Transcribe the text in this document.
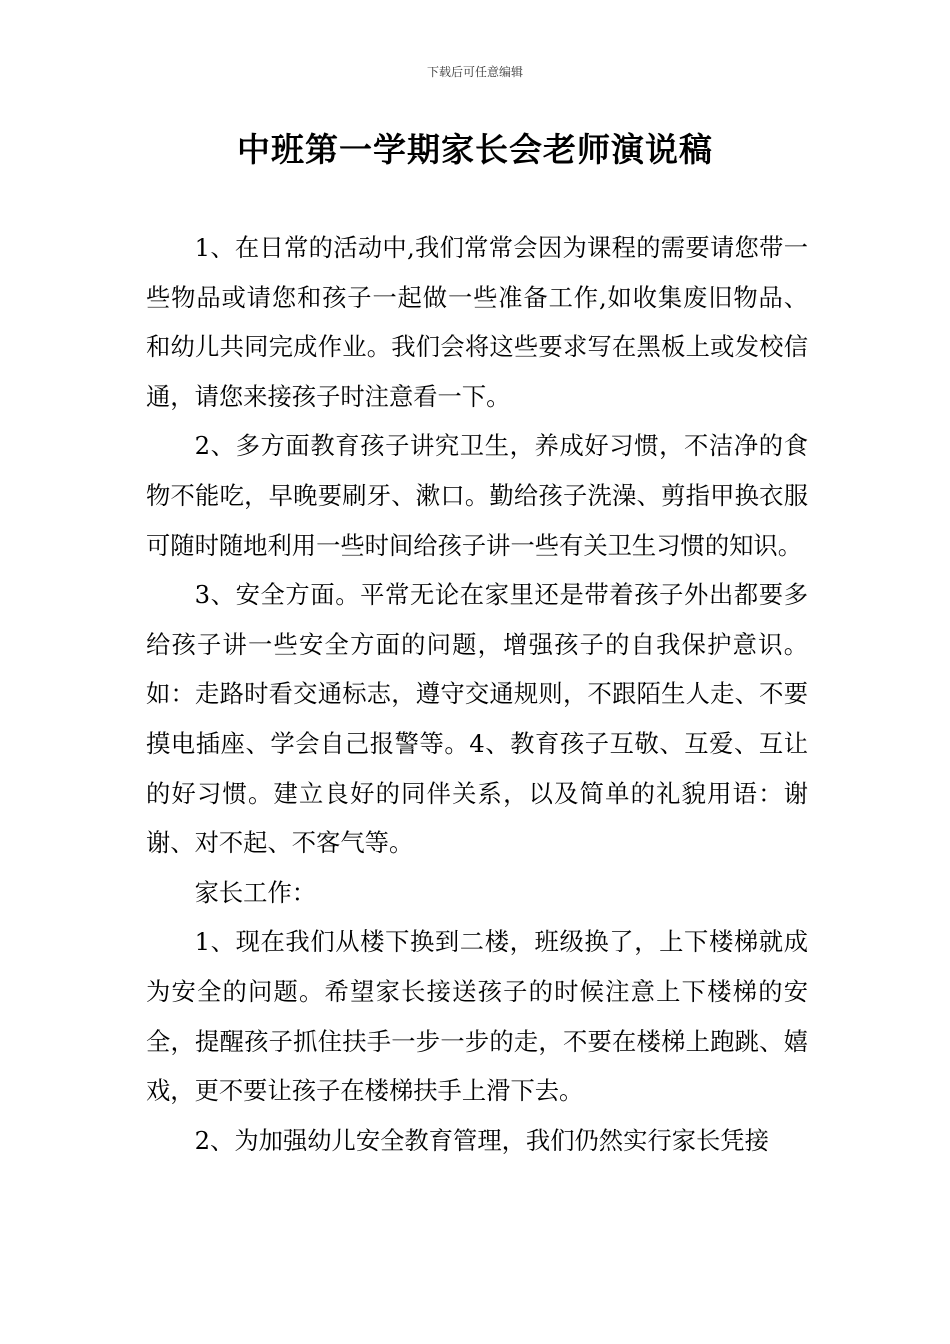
下载后可任意编辑
中班第一学期家长会老师演说稿

1、在日常的活动中,我们常常会因为课程的需要请您带一些物品或请您和孩子一起做一些准备工作,如收集废旧物品、和幼儿共同完成作业。我们会将这些要求写在黑板上或发校信通，请您来接孩子时注意看一下。

2、多方面教育孩子讲究卫生，养成好习惯，不洁净的食物不能吃，早晚要刷牙、漱口。勤给孩子洗澡、剪指甲换衣服可随时随地利用一些时间给孩子讲一些有关卫生习惯的知识。

3、安全方面。平常无论在家里还是带着孩子外出都要多给孩子讲一些安全方面的问题，增强孩子的自我保护意识。如：走路时看交通标志，遵守交通规则，不跟陌生人走、不要摸电插座、学会自己报警等。4、教育孩子互敬、互爱、互让的好习惯。建立良好的同伴关系，以及简单的礼貌用语：谢谢、对不起、不客气等。

家长工作：

1、现在我们从楼下换到二楼，班级换了，上下楼梯就成为安全的问题。希望家长接送孩子的时候注意上下楼梯的安全，提醒孩子抓住扶手一步一步的走，不要在楼梯上跑跳、嬉戏，更不要让孩子在楼梯扶手上滑下去。

2、为加强幼儿安全教育管理，我们仍然实行家长凭接
